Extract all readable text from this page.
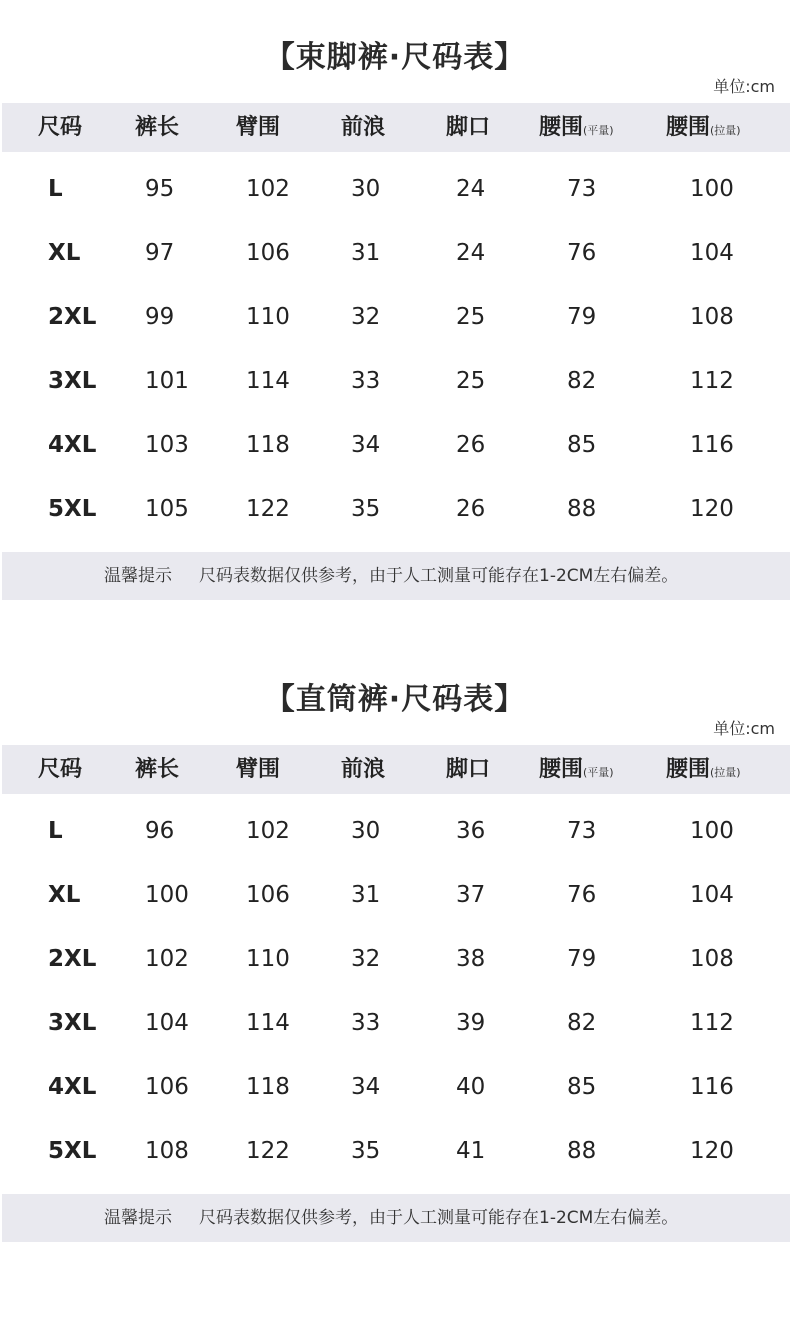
【束脚裤·尺码表】
单位:cm
尺码 裤长	臂围	前浪	脚口 腰围(平量) 腰围(拉量)
L	95	102	30	24	73	100
XL	97	106	31	24	76	104
2XL 99	110	32	25	79	108
3XL 101 114	33	25	82	112
4XL 103 118	34	26	85	116
5XL 105 122	35	26	88	120
温馨提示 尺码表数据仅供参考，由于人工测量可能存在1-2CM左右偏差。
【直筒裤·尺码表】
单位:cm
尺码 裤长	臂围	前浪	脚口 腰围(平量) 腰围(拉量)
L	96	102	30	36	73	100
XL	100 106	31	37	76	104
2XL 102 110	32	38	79	108
3XL 104 114	33	39	82	112
4XL 106 118	34	40	85	116
5XL 108 122	35	41	88	120
温馨提示 尺码表数据仅供参考，由于人工测量可能存在1-2CM左右偏差。
